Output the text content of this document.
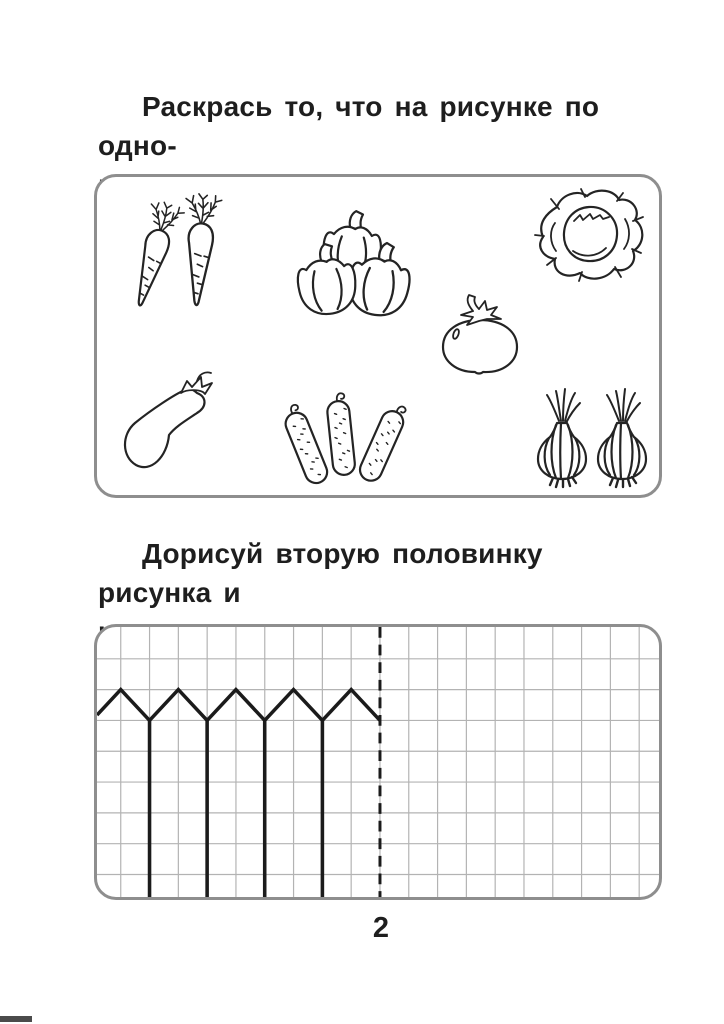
Раскрась то, что на рисунке по одно-
Дорисуй вторую половинку рисунка и
2
